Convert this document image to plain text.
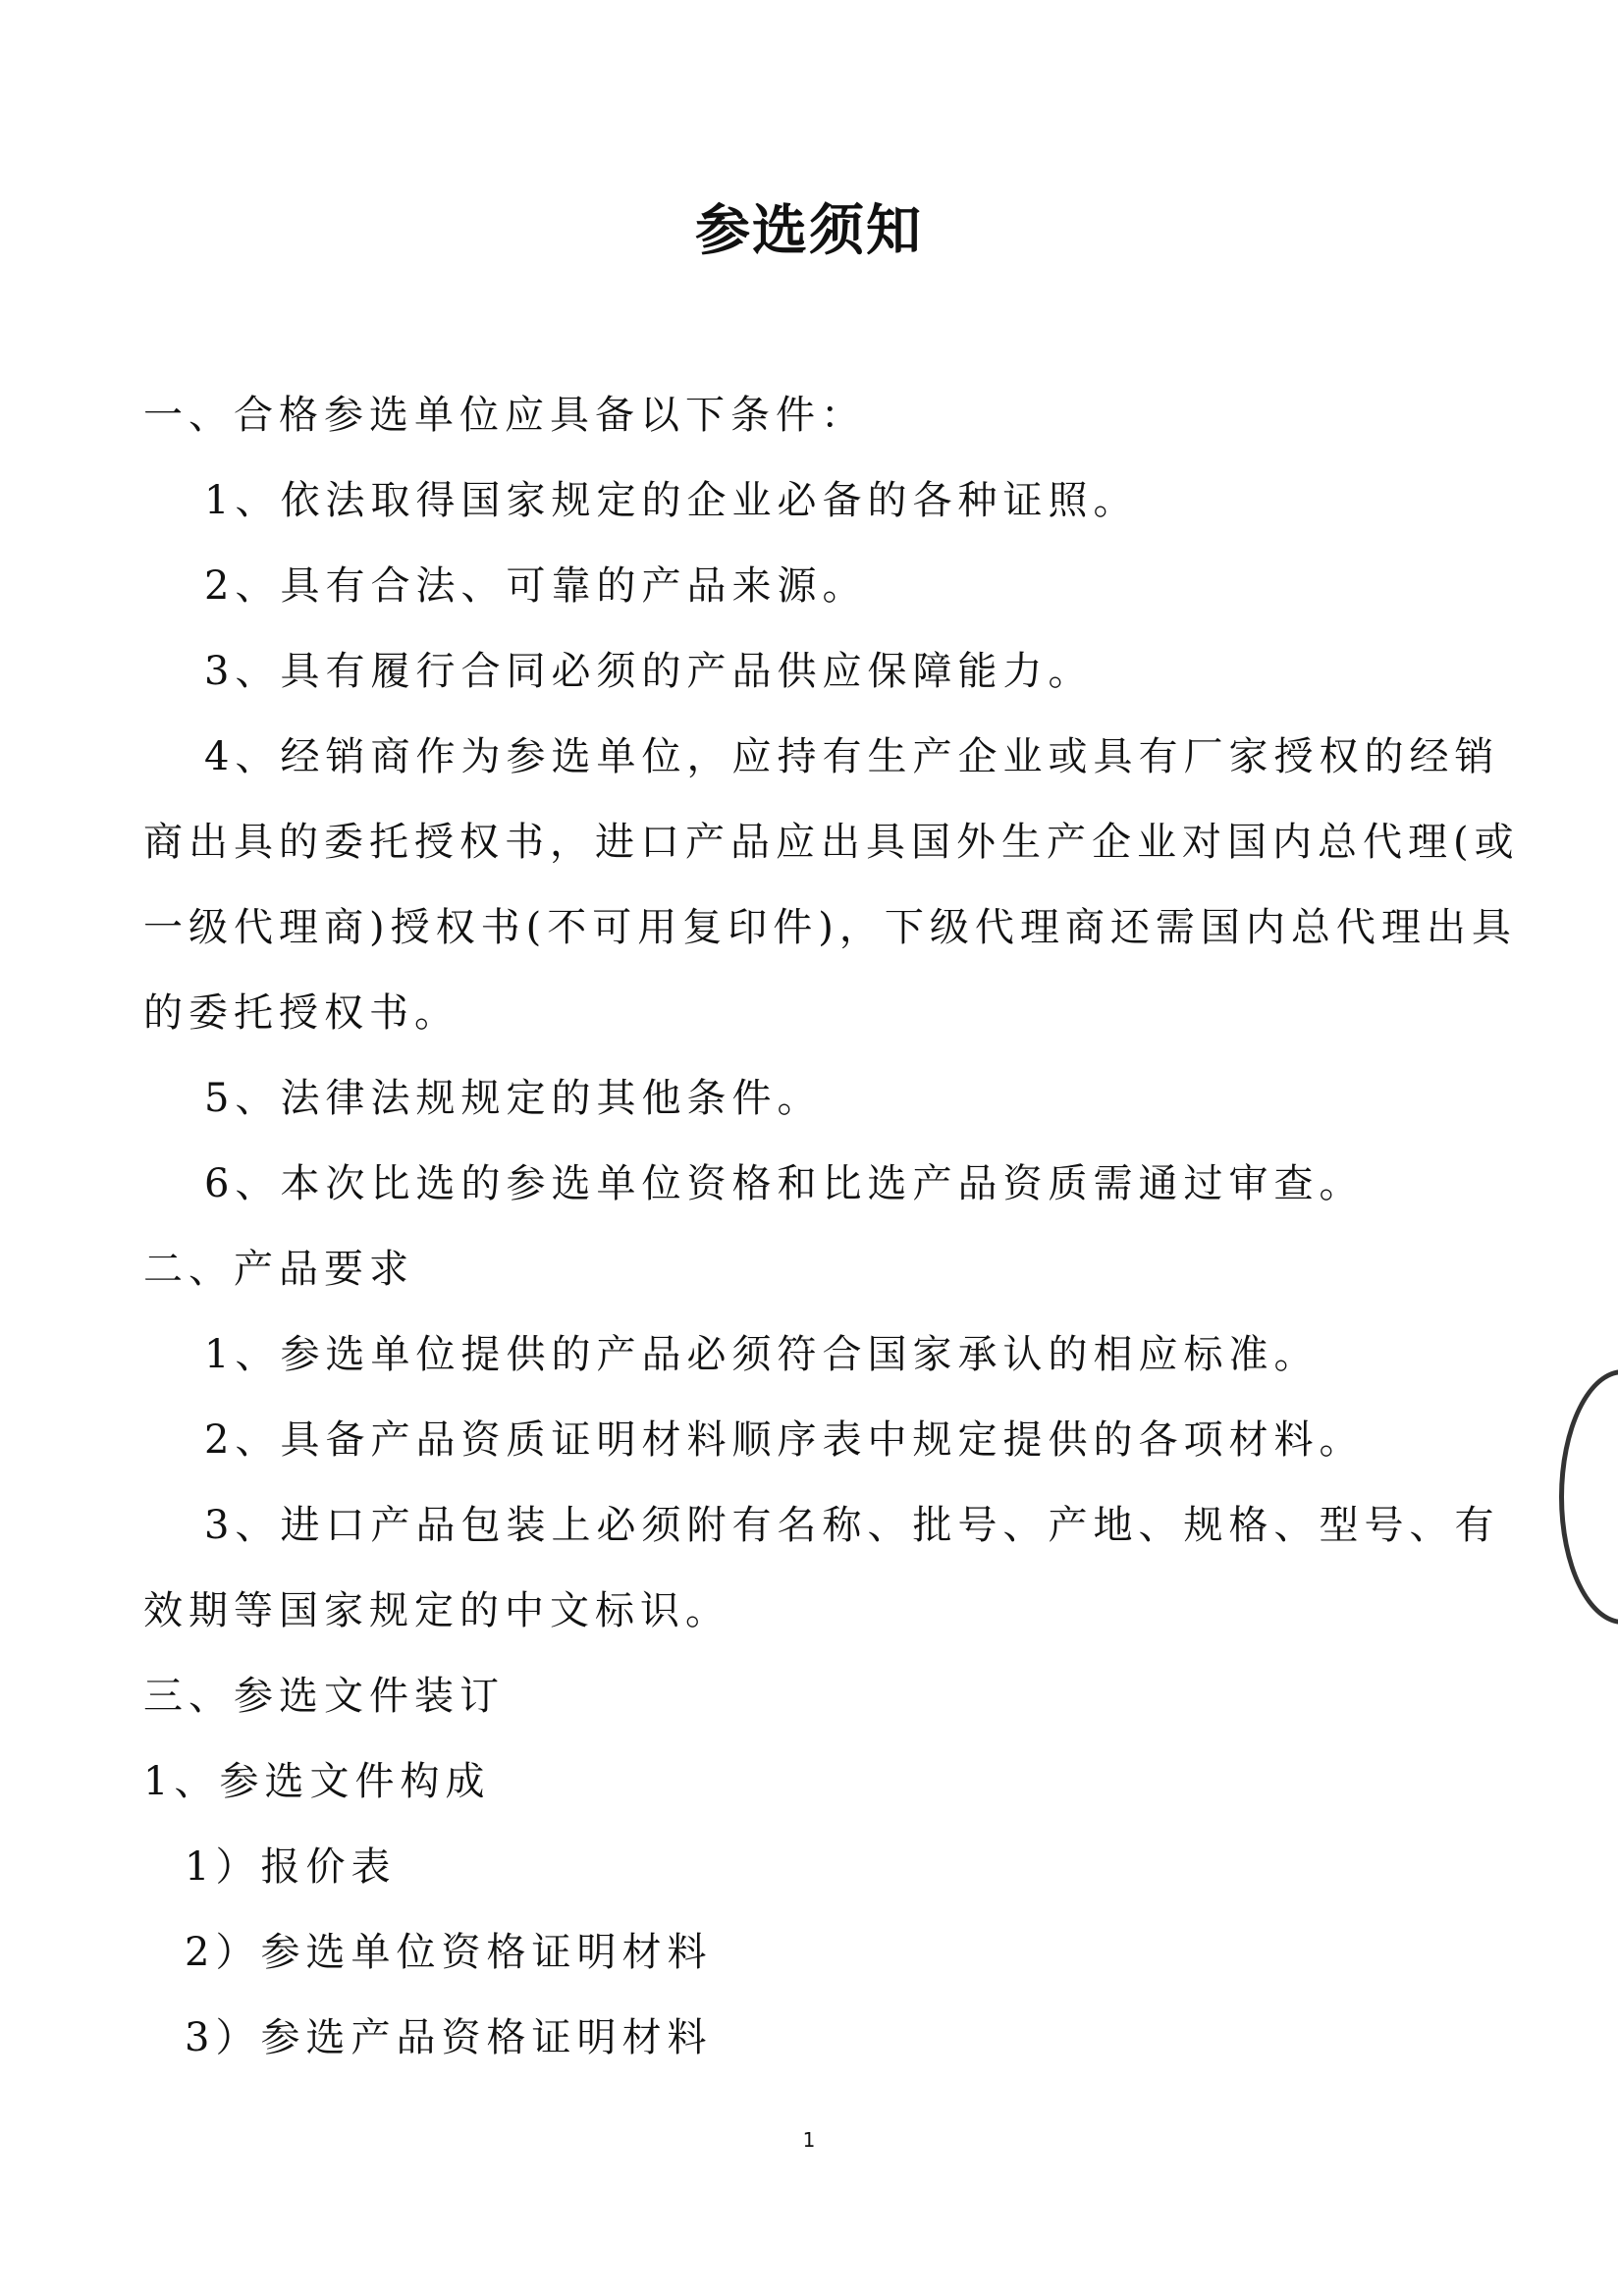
参选须知
一、合格参选单位应具备以下条件：
1、依法取得国家规定的企业必备的各种证照。
2、具有合法、可靠的产品来源。
3、具有履行合同必须的产品供应保障能力。
4、经销商作为参选单位，应持有生产企业或具有厂家授权的经销
商出具的委托授权书，进口产品应出具国外生产企业对国内总代理(或
一级代理商)授权书(不可用复印件)，下级代理商还需国内总代理出具
的委托授权书。
5、法律法规规定的其他条件。
6、本次比选的参选单位资格和比选产品资质需通过审查。
二、产品要求
1、参选单位提供的产品必须符合国家承认的相应标准。
2、具备产品资质证明材料顺序表中规定提供的各项材料。
3、进口产品包装上必须附有名称、批号、产地、规格、型号、有
效期等国家规定的中文标识。
三、参选文件装订
1、参选文件构成
1）报价表
2）参选单位资格证明材料
3）参选产品资格证明材料
1
